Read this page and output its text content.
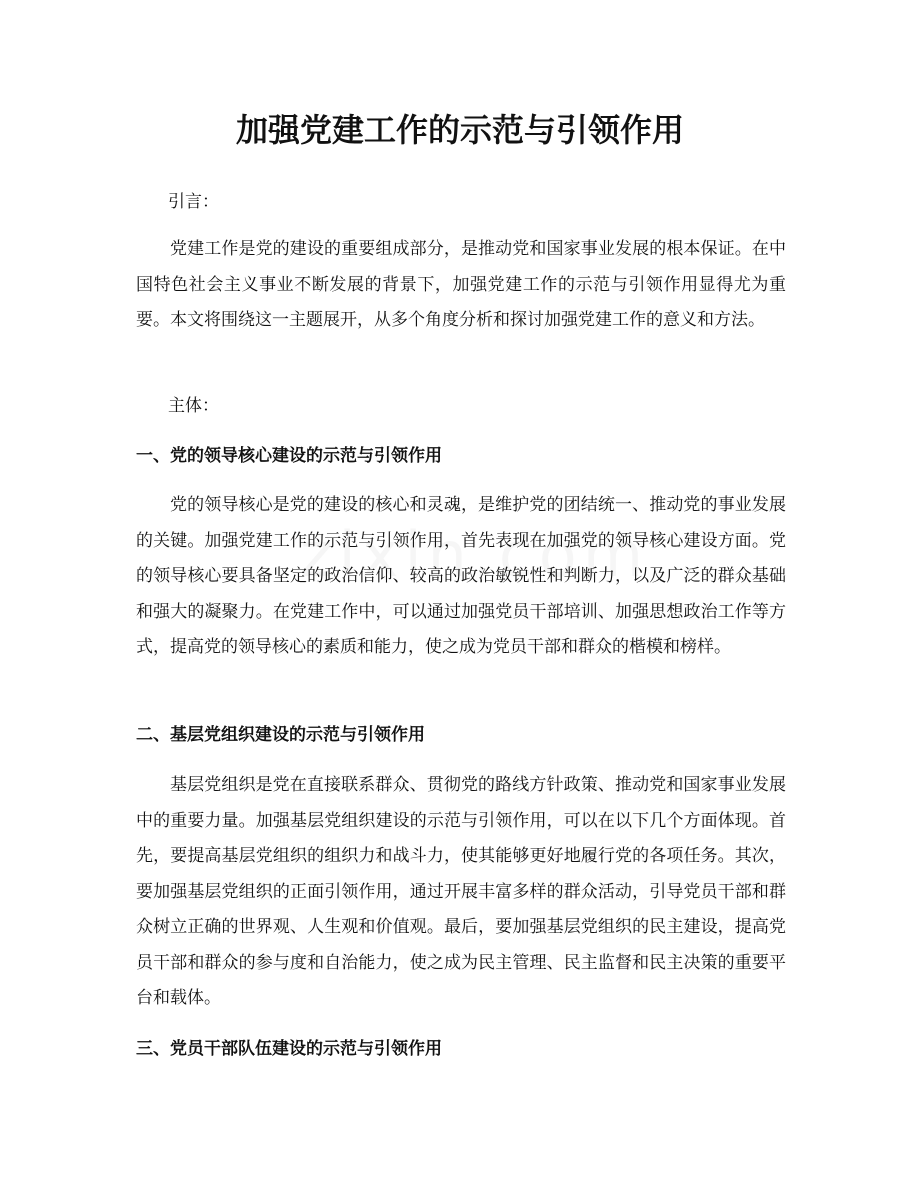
加强党建工作的示范与引领作用

引言：

党建工作是党的建设的重要组成部分，是推动党和国家事业发展的根本保证。在中国特色社会主义事业不断发展的背景下，加强党建工作的示范与引领作用显得尤为重要。本文将围绕这一主题展开，从多个角度分析和探讨加强党建工作的意义和方法。

主体：

一、党的领导核心建设的示范与引领作用

党的领导核心是党的建设的核心和灵魂，是维护党的团结统一、推动党的事业发展的关键。加强党建工作的示范与引领作用，首先表现在加强党的领导核心建设方面。党的领导核心要具备坚定的政治信仰、较高的政治敏锐性和判断力，以及广泛的群众基础和强大的凝聚力。在党建工作中，可以通过加强党员干部培训、加强思想政治工作等方式，提高党的领导核心的素质和能力，使之成为党员干部和群众的楷模和榜样。

二、基层党组织建设的示范与引领作用

基层党组织是党在直接联系群众、贯彻党的路线方针政策、推动党和国家事业发展中的重要力量。加强基层党组织建设的示范与引领作用，可以在以下几个方面体现。首先，要提高基层党组织的组织力和战斗力，使其能够更好地履行党的各项任务。其次，要加强基层党组织的正面引领作用，通过开展丰富多样的群众活动，引导党员干部和群众树立正确的世界观、人生观和价值观。最后，要加强基层党组织的民主建设，提高党员干部和群众的参与度和自治能力，使之成为民主管理、民主监督和民主决策的重要平台和载体。

三、党员干部队伍建设的示范与引领作用
